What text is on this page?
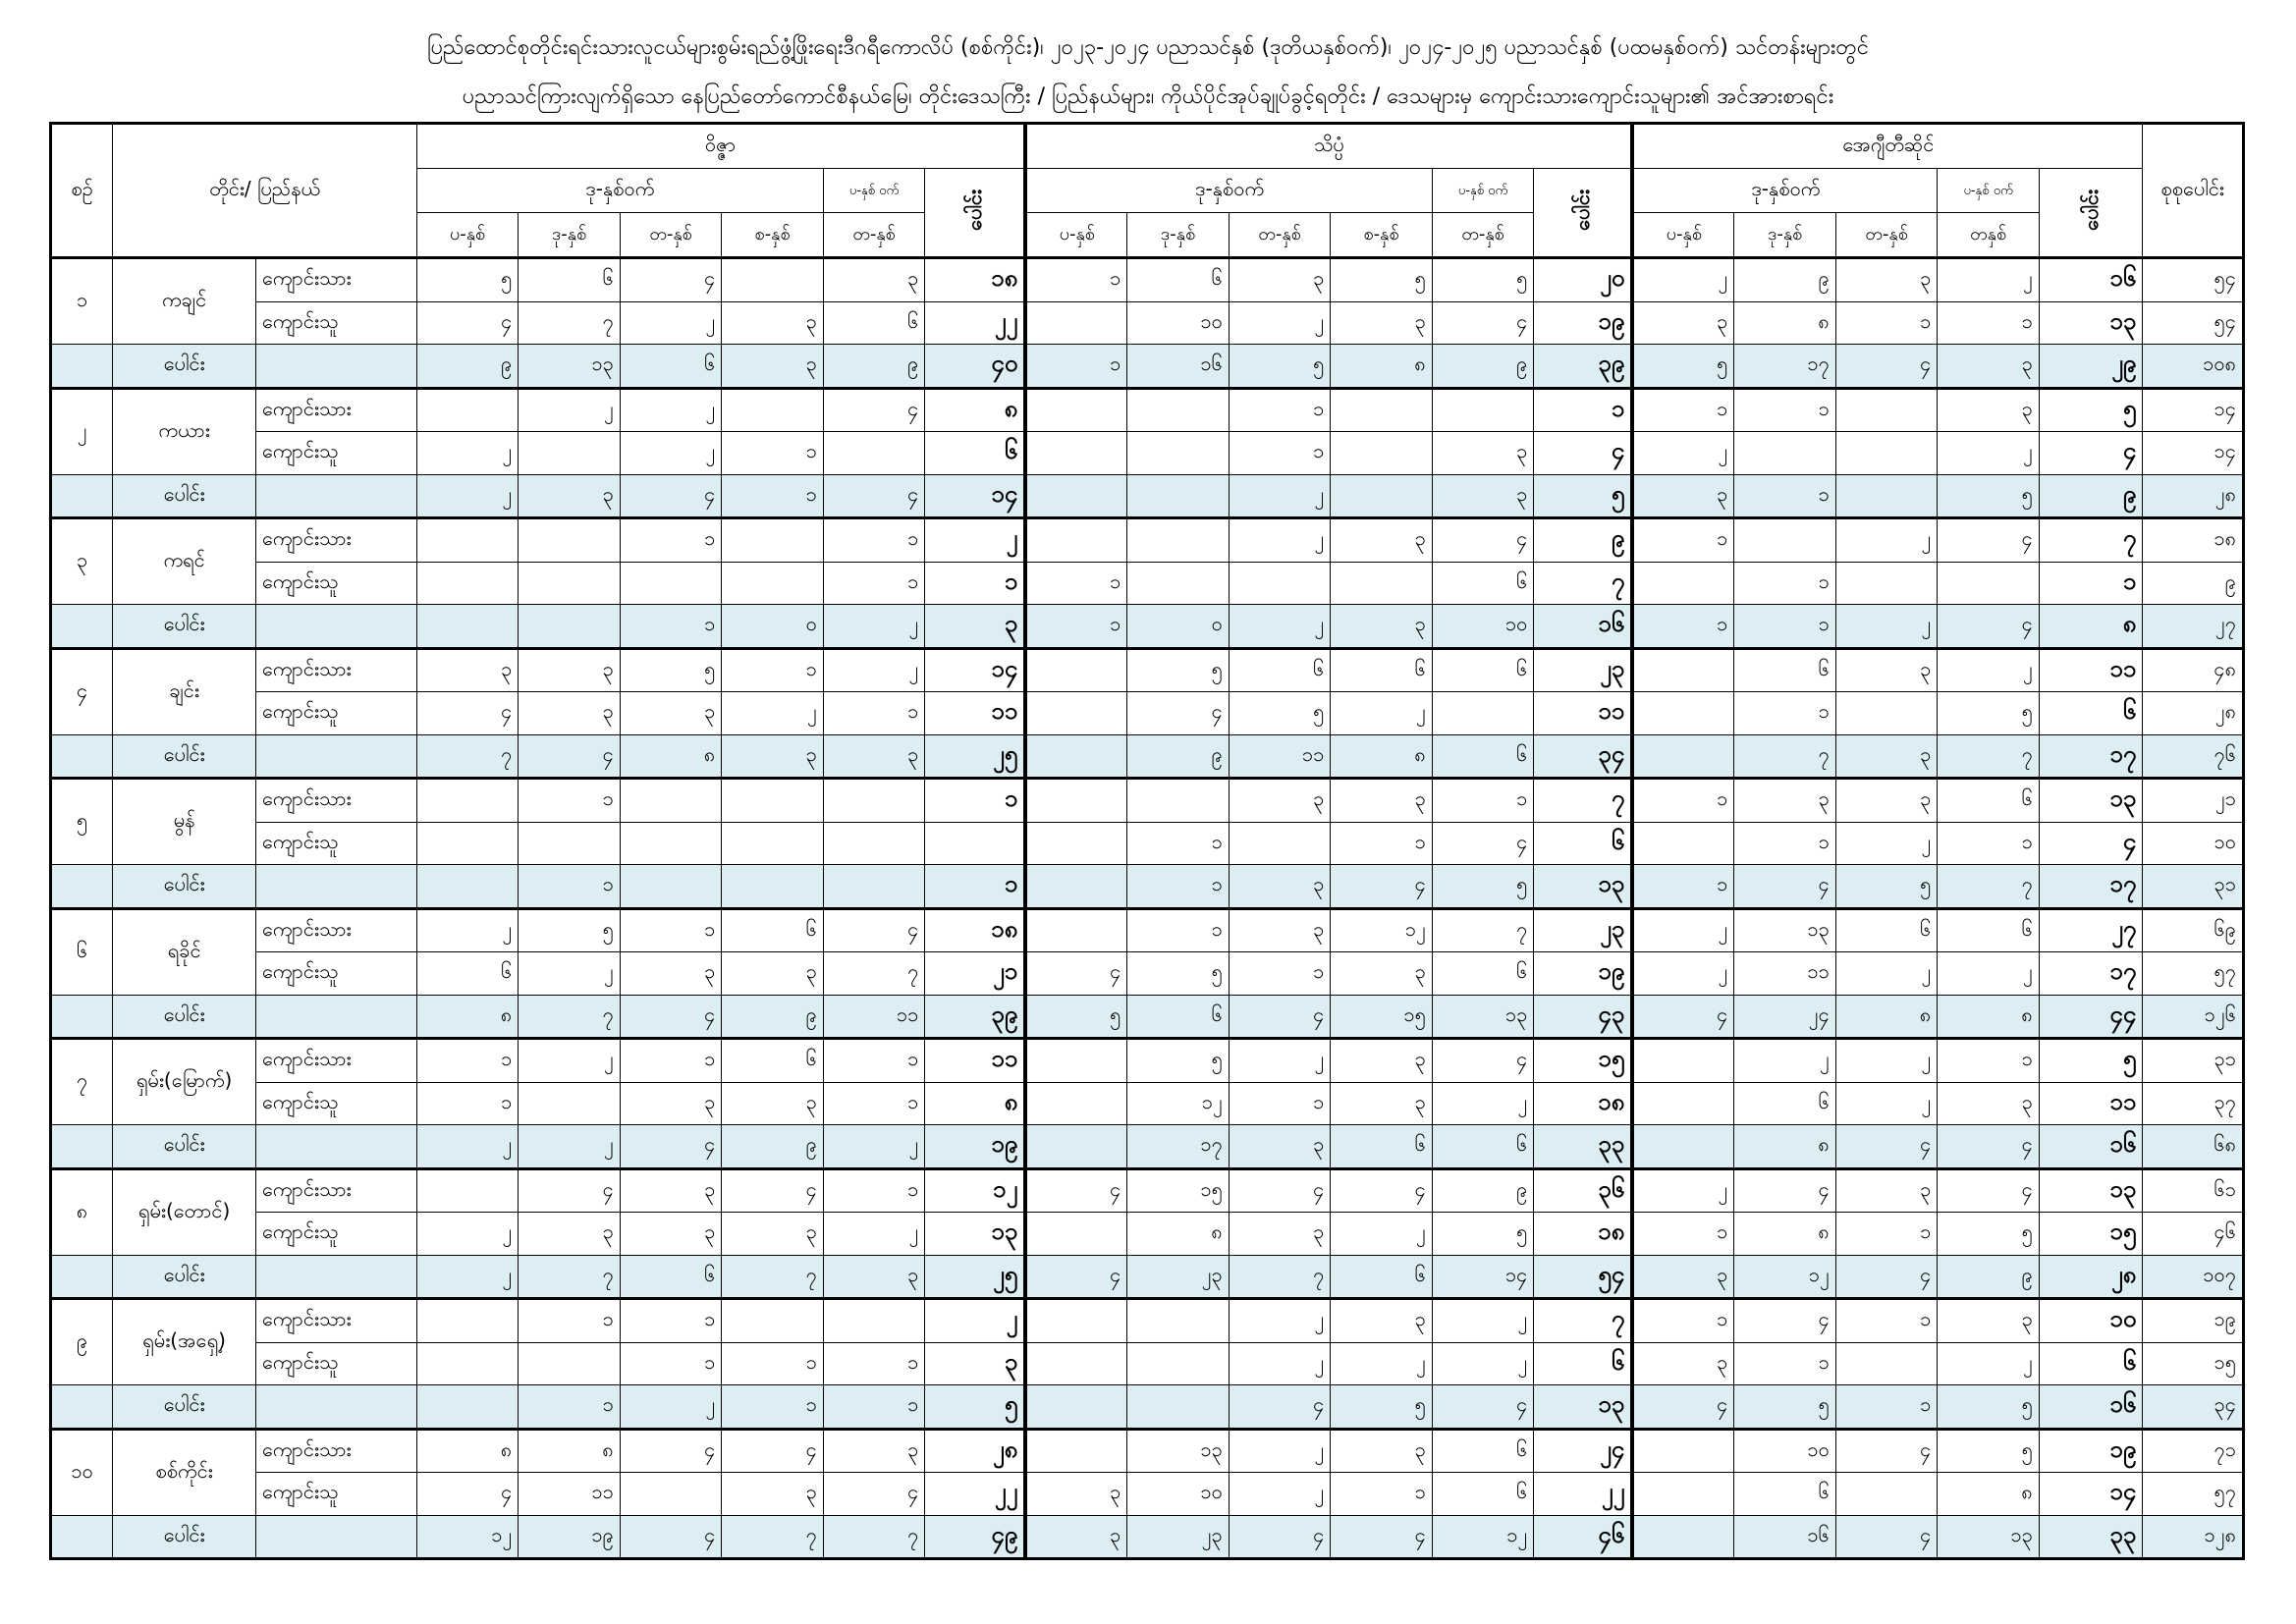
ပြည်ထောင်စုတိုင်းရင်းသားလူငယ်များစွမ်းရည်ဖွံ့ဖြိုးရေးဒီဂရီကောလိပ် (စစ်ကိုင်း)၊ ၂၀၂၃-၂၀၂၄ ပညာသင်နှစ် (ဒုတိယနှစ်ဝက်)၊ ၂၀၂၄-၂၀၂၅ ပညာသင်နှစ် (ပထမနှစ်ဝက်) သင်တန်းများတွင်
ပညာသင်ကြားလျက်ရှိသော နေပြည်တော်ကောင်စီနယ်မြေ၊ တိုင်းဒေသကြီး / ပြည်နယ်များ၊ ကိုယ်ပိုင်အုပ်ချုပ်ခွင့်ရတိုင်း / ဒေသများမှ ကျောင်းသားကျောင်းသူများ၏ အင်အားစာရင်း
စဉ်	တိုင်း/ ပြည်နယ်		ဝိဇ္ဇာ						သိပ္ပံ						အေဂျီတီဆိုင်					စုစုပေါင်း
			ဒု-နှစ်ဝက်				ပ-နှစ် ဝက်	ပေါင်း	ဒု-နှစ်ဝက်				ပ-နှစ် ဝက်	ပေါင်း	ဒု-နှစ်ဝက်			ပ-နှစ် ဝက်	ပေါင်း	
			ပ-နှစ်	ဒု-နှစ်	တ-နှစ်	စ-နှစ်	တ-နှစ်		ပ-နှစ်	ဒု-နှစ်	တ-နှစ်	စ-နှစ်	တ-နှစ်		ပ-နှစ်	ဒု-နှစ်	တ-နှစ်	တနှစ်		
၁	ကချင်	ကျောင်းသား	၅	၆	၄		၃	၁၈	၁	၆	၃	၅	၅	၂၀	၂	၉	၃	၂	၁၆	၅၄
		ကျောင်းသူ	၄	၇	၂	၃	၆	၂၂		၁၀	၂	၃	၄	၁၉	၃	၈	၁	၁	၁၃	၅၄
	ပေါင်း		၉	၁၃	၆	၃	၉	၄၀	၁	၁၆	၅	၈	၉	၃၉	၅	၁၇	၄	၃	၂၉	၁၀၈
၂	ကယား	ကျောင်းသား		၂	၂		၄	၈			၁			၁	၁	၁		၃	၅	၁၄
		ကျောင်းသူ	၂		၂	၁		၆			၁		၃	၄	၂			၂	၄	၁၄
	ပေါင်း		၂	၃	၄	၁	၄	၁၄			၂		၃	၅	၃	၁		၅	၉	၂၈
၃	ကရင်	ကျောင်းသား			၁		၁	၂			၂	၃	၄	၉	၁		၂	၄	၇	၁၈
		ကျောင်းသူ					၁	၁	၁				၆	၇		၁			၁	၉
	ပေါင်း				၁	၀	၂	၃	၁	၀	၂	၃	၁၀	၁၆	၁	၁	၂	၄	၈	၂၇
၄	ချင်း	ကျောင်းသား	၃	၃	၅	၁	၂	၁၄		၅	၆	၆	၆	၂၃		၆	၃	၂	၁၁	၄၈
		ကျောင်းသူ	၄	၃	၃	၂	၁	၁၁		၄	၅	၂		၁၁		၁		၅	၆	၂၈
	ပေါင်း		၇	၄	၈	၃	၃	၂၅		၉	၁၁	၈	၆	၃၄		၇	၃	၇	၁၇	၇၆
၅	မွန်	ကျောင်းသား		၁				၁			၃	၃	၁	၇	၁	၃	၃	၆	၁၃	၂၁
		ကျောင်းသူ								၁		၁	၄	၆		၁	၂	၁	၄	၁၀
	ပေါင်း			၁				၁		၁	၃	၄	၅	၁၃	၁	၄	၅	၇	၁၇	၃၁
၆	ရခိုင်	ကျောင်းသား	၂	၅	၁	၆	၄	၁၈		၁	၃	၁၂	၇	၂၃	၂	၁၃	၆	၆	၂၇	၆၉
		ကျောင်းသူ	၆	၂	၃	၃	၇	၂၁	၄	၅	၁	၃	၆	၁၉	၂	၁၁	၂	၂	၁၇	၅၇
	ပေါင်း		၈	၇	၄	၉	၁၁	၃၉	၅	၆	၄	၁၅	၁၃	၄၃	၄	၂၄	၈	၈	၄၄	၁၂၆
၇	ရှမ်း(မြောက်)	ကျောင်းသား	၁	၂	၁	၆	၁	၁၁		၅	၂	၃	၄	၁၅		၂	၂	၁	၅	၃၁
		ကျောင်းသူ	၁		၃	၃	၁	၈		၁၂	၁	၃	၂	၁၈		၆	၂	၃	၁၁	၃၇
	ပေါင်း		၂	၂	၄	၉	၂	၁၉		၁၇	၃	၆	၆	၃၃		၈	၄	၄	၁၆	၆၈
၈	ရှမ်း(တောင်)	ကျောင်းသား		၄	၃	၄	၁	၁၂	၄	၁၅	၄	၄	၉	၃၆	၂	၄	၃	၄	၁၃	၆၁
		ကျောင်းသူ	၂	၃	၃	၃	၂	၁၃		၈	၃	၂	၅	၁၈	၁	၈	၁	၅	၁၅	၄၆
	ပေါင်း		၂	၇	၆	၇	၃	၂၅	၄	၂၃	၇	၆	၁၄	၅၄	၃	၁၂	၄	၉	၂၈	၁၀၇
၉	ရှမ်း(အရှေ့)	ကျောင်းသား		၁	၁			၂			၂	၃	၂	၇	၁	၄	၁	၃	၁၀	၁၉
		ကျောင်းသူ			၁	၁	၁	၃			၂	၂	၂	၆	၃	၁		၂	၆	၁၅
	ပေါင်း			၁	၂	၁	၁	၅			၄	၅	၄	၁၃	၄	၅	၁	၅	၁၆	၃၄
၁၀	စစ်ကိုင်း	ကျောင်းသား	၈	၈	၄	၄	၃	၂၈		၁၃	၂	၃	၆	၂၄		၁၀	၄	၅	၁၉	၇၁
		ကျောင်းသူ	၄	၁၁		၃	၄	၂၂	၃	၁၀	၂	၁	၆	၂၂		၆		၈	၁၄	၅၇
	ပေါင်း		၁၂	၁၉	၄	၇	၇	၄၉	၃	၂၃	၄	၄	၁၂	၄၆		၁၆	၄	၁၃	၃၃	၁၂၈
